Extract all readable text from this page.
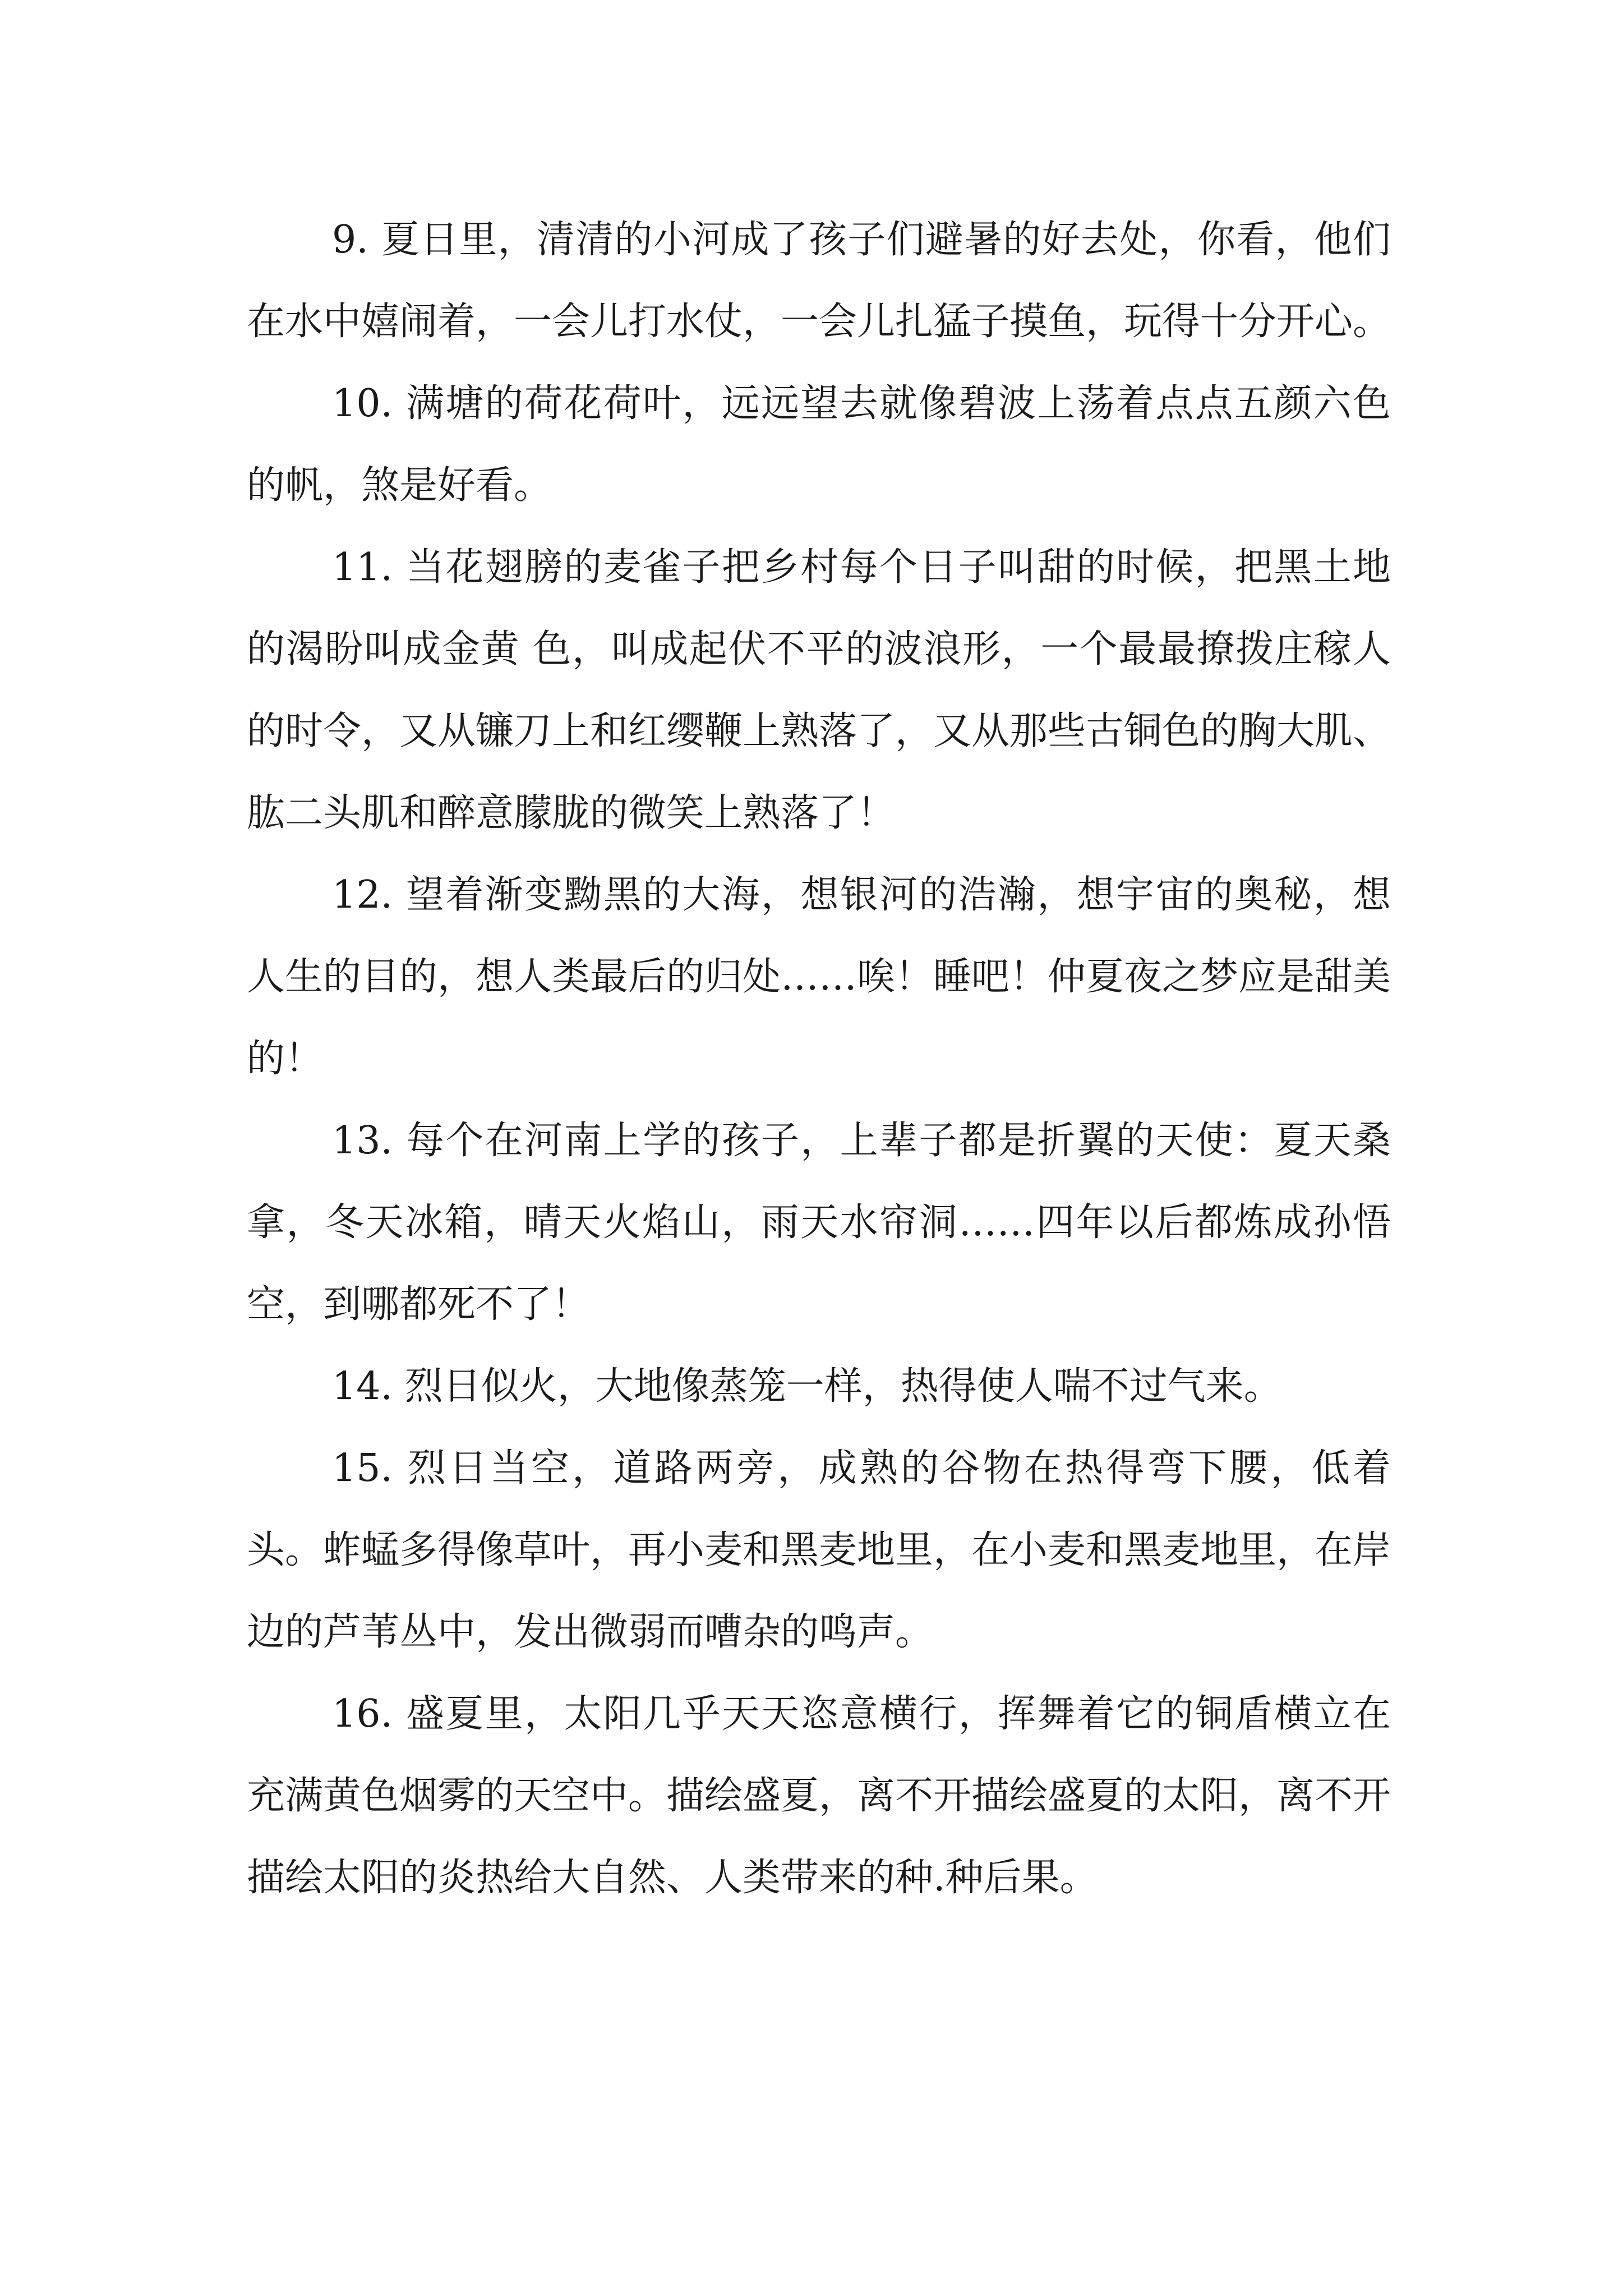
9. 夏日里，清清的小河成了孩子们避暑的好去处，你看，他们在水中嬉闹着，一会儿打水仗，一会儿扎猛子摸鱼，玩得十分开心。

10. 满塘的荷花荷叶，远远望去就像碧波上荡着点点五颜六色的帆，煞是好看。

11. 当花翅膀的麦雀子把乡村每个日子叫甜的时候，把黑土地的渴盼叫成金黄 色，叫成起伏不平的波浪形，一个最最撩拨庄稼人的时令，又从镰刀上和红缨鞭上熟落了，又从那些古铜色的胸大肌、肱二头肌和醉意朦胧的微笑上熟落了！

12. 望着渐变黝黑的大海，想银河的浩瀚，想宇宙的奥秘，想人生的目的，想人类最后的归处……唉！睡吧！仲夏夜之梦应是甜美的！

13. 每个在河南上学的孩子，上辈子都是折翼的天使：夏天桑拿，冬天冰箱，晴天火焰山，雨天水帘洞……四年以后都炼成孙悟空，到哪都死不了！

14. 烈日似火，大地像蒸笼一样，热得使人喘不过气来。

15. 烈日当空，道路两旁，成熟的谷物在热得弯下腰，低着头。蚱蜢多得像草叶，再小麦和黑麦地里，在小麦和黑麦地里，在岸边的芦苇丛中，发出微弱而嘈杂的鸣声。

16. 盛夏里，太阳几乎天天恣意横行，挥舞着它的铜盾横立在充满黄色烟雾的天空中。描绘盛夏，离不开描绘盛夏的太阳，离不开描绘太阳的炎热给大自然、人类带来的种.种后果。
